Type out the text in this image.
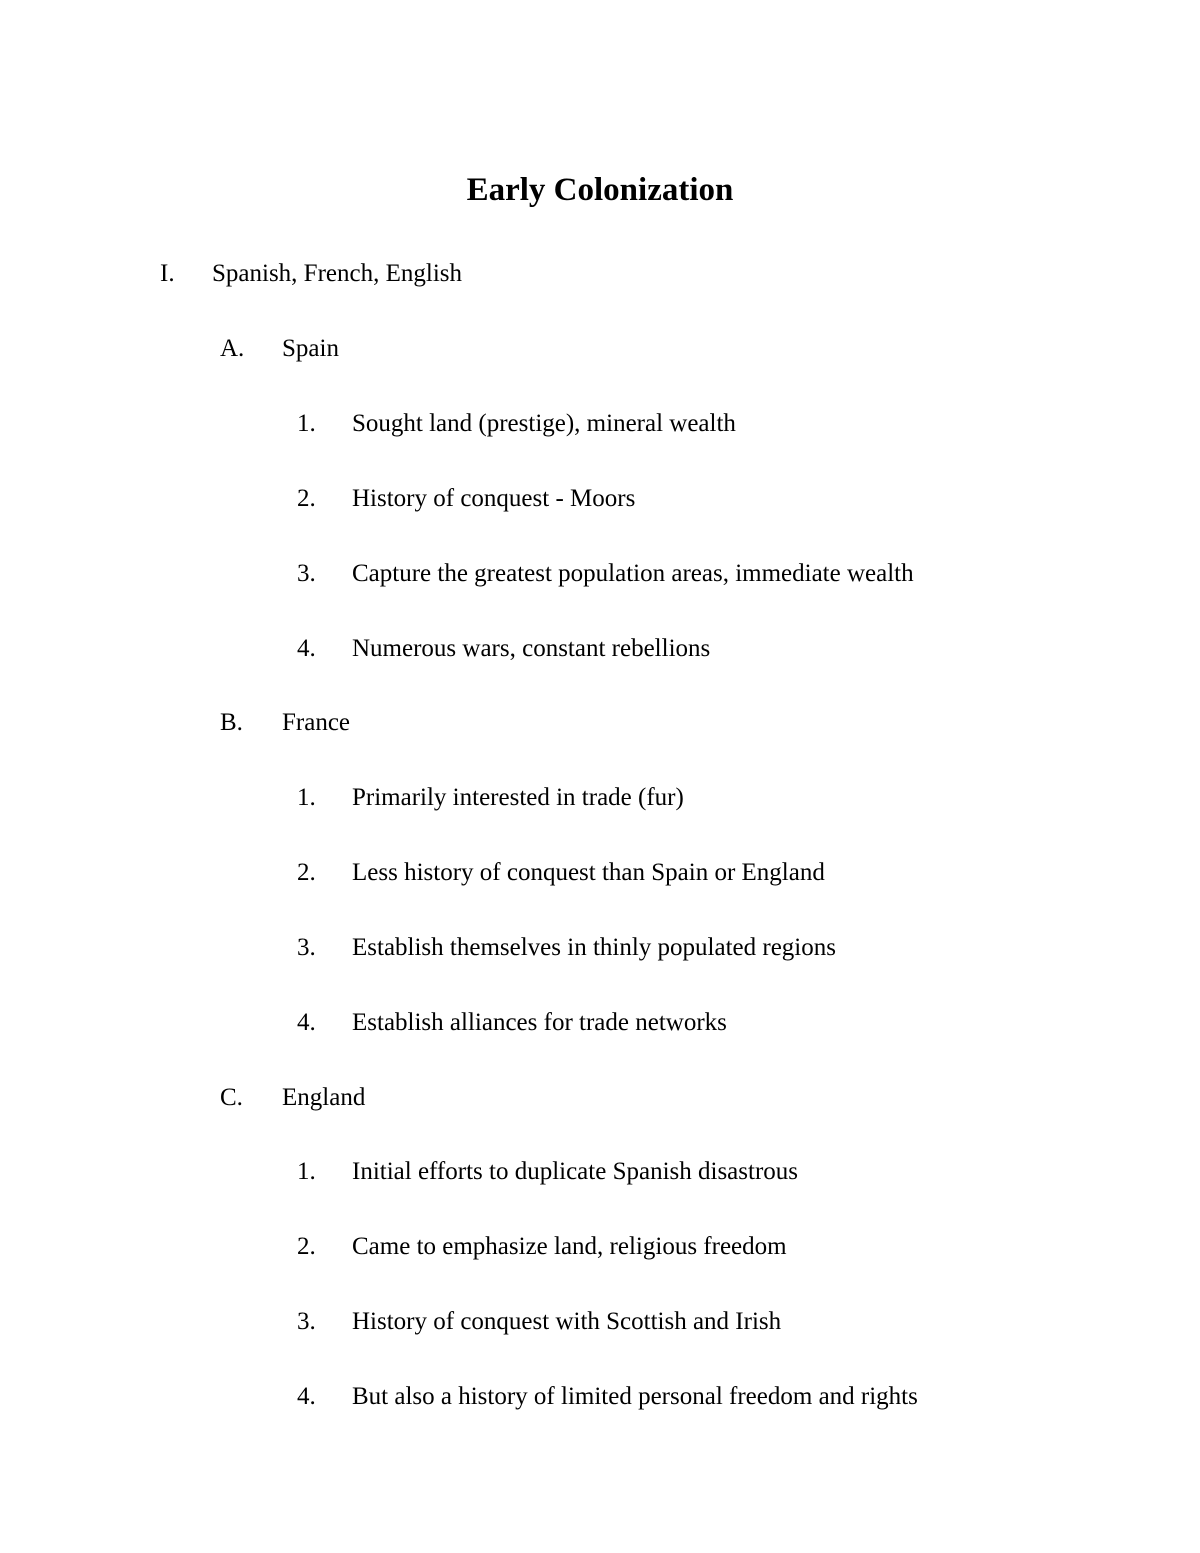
Early Colonization
I. Spanish, French, English
A. Spain
1. Sought land (prestige), mineral wealth
2. History of conquest - Moors
3. Capture the greatest population areas, immediate wealth
4. Numerous wars, constant rebellions
B. France
1. Primarily interested in trade (fur)
2. Less history of conquest than Spain or England
3. Establish themselves in thinly populated regions
4. Establish alliances for trade networks
C. England
1. Initial efforts to duplicate Spanish disastrous
2. Came to emphasize land, religious freedom
3. History of conquest with Scottish and Irish
4. But also a history of limited personal freedom and rights
